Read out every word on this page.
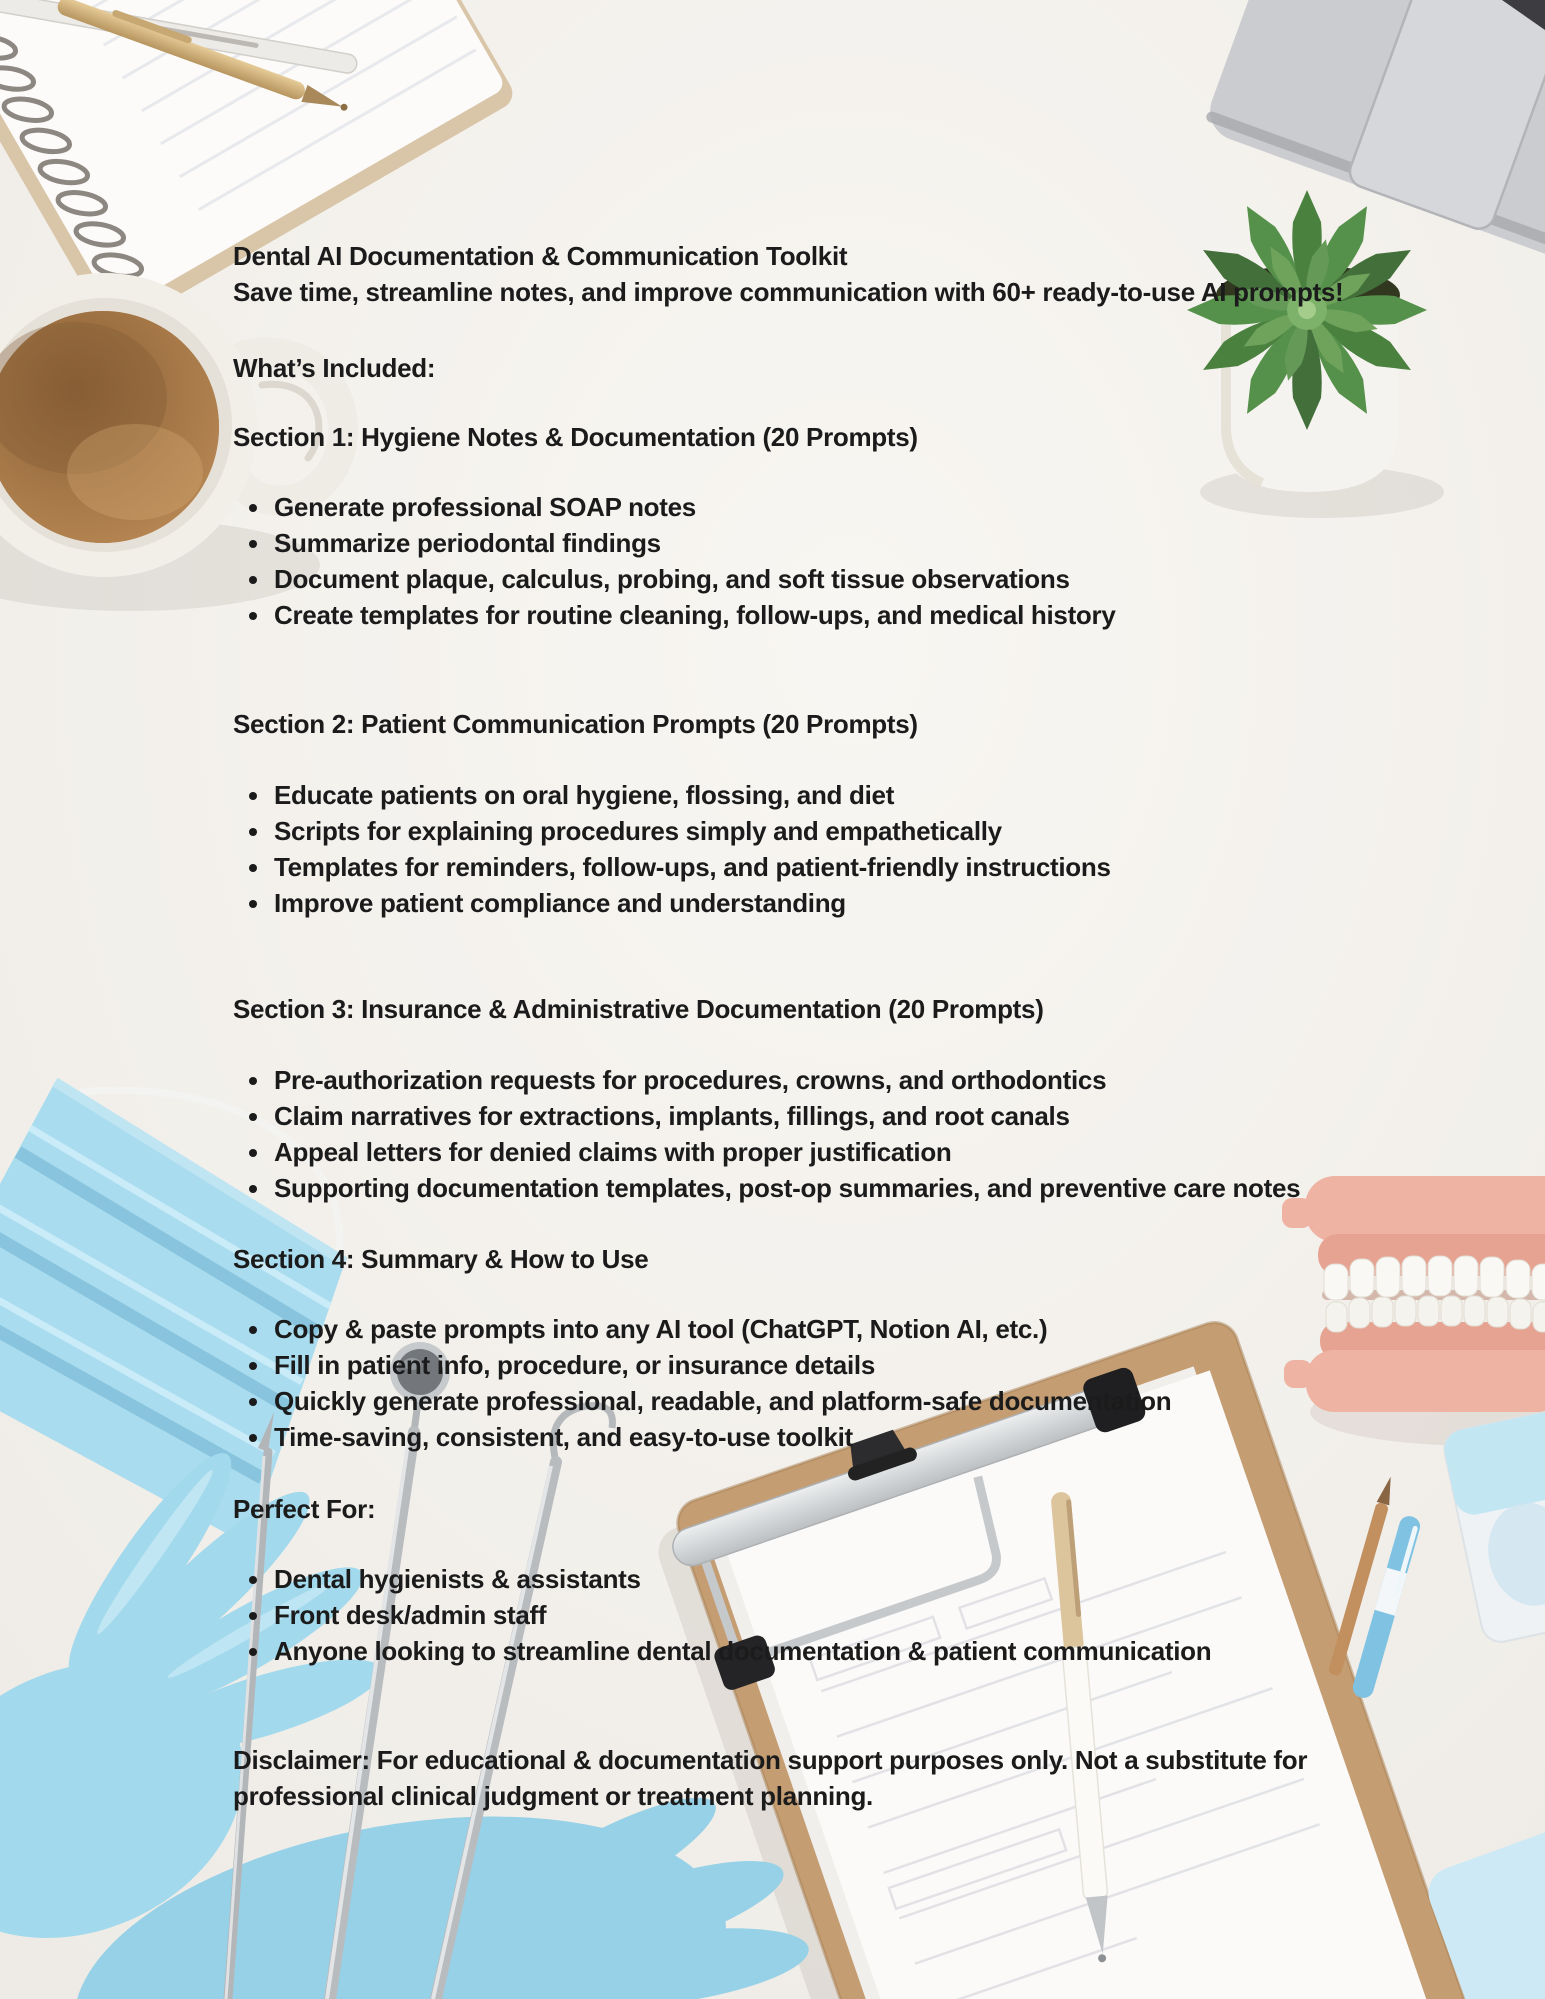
Dental AI Documentation & Communication Toolkit
Save time, streamline notes, and improve communication with 60+ ready-to-use AI prompts!
What’s Included:
Section 1: Hygiene Notes & Documentation (20 Prompts)
• Generate professional SOAP notes
• Summarize periodontal findings
• Document plaque, calculus, probing, and soft tissue observations
• Create templates for routine cleaning, follow-ups, and medical history
Section 2: Patient Communication Prompts (20 Prompts)
• Educate patients on oral hygiene, flossing, and diet
• Scripts for explaining procedures simply and empathetically
• Templates for reminders, follow-ups, and patient-friendly instructions
• Improve patient compliance and understanding
Section 3: Insurance & Administrative Documentation (20 Prompts)
• Pre-authorization requests for procedures, crowns, and orthodontics
• Claim narratives for extractions, implants, fillings, and root canals
• Appeal letters for denied claims with proper justification
• Supporting documentation templates, post-op summaries, and preventive care notes
Section 4: Summary & How to Use
• Copy & paste prompts into any AI tool (ChatGPT, Notion AI, etc.)
• Fill in patient info, procedure, or insurance details
• Quickly generate professional, readable, and platform-safe documentation
• Time-saving, consistent, and easy-to-use toolkit
Perfect For:
• Dental hygienists & assistants
• Front desk/admin staff
• Anyone looking to streamline dental documentation & patient communication
Disclaimer: For educational & documentation support purposes only. Not a substitute for
professional clinical judgment or treatment planning.
